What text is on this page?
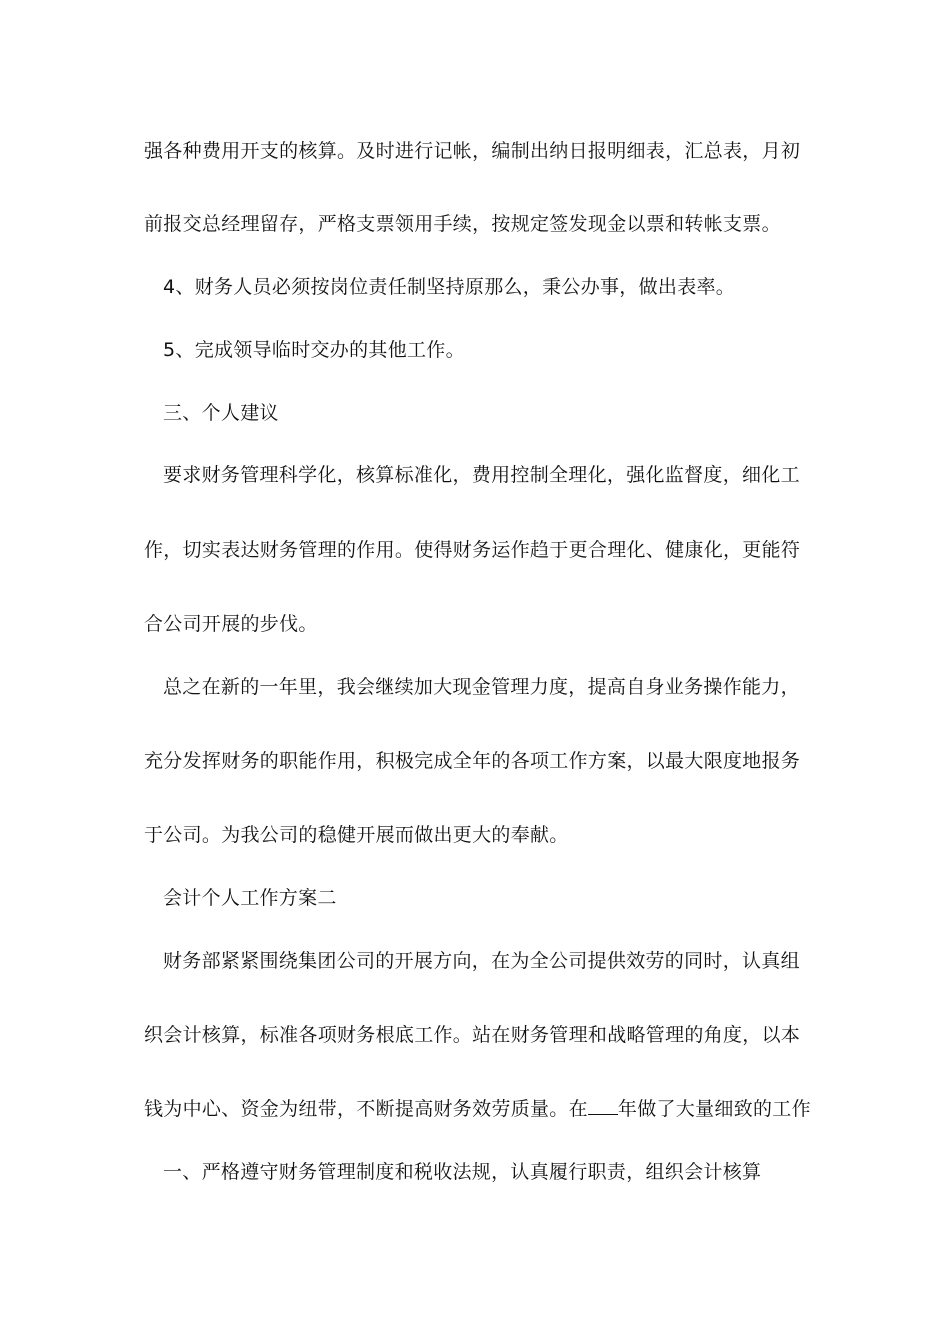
强各种费用开支的核算。及时进行记帐，编制出纳日报明细表，汇总表，月初
前报交总经理留存，严格支票领用手续，按规定签发现金以票和转帐支票。
4、财务人员必须按岗位责任制坚持原那么，秉公办事，做出表率。
5、完成领导临时交办的其他工作。
三、个人建议
要求财务管理科学化，核算标准化，费用控制全理化，强化监督度，细化工
作，切实表达财务管理的作用。使得财务运作趋于更合理化、健康化，更能符
合公司开展的步伐。
总之在新的一年里，我会继续加大现金管理力度，提高自身业务操作能力，
充分发挥财务的职能作用，积极完成全年的各项工作方案，以最大限度地报务
于公司。为我公司的稳健开展而做出更大的奉献。
会计个人工作方案二
财务部紧紧围绕集团公司的开展方向，在为全公司提供效劳的同时，认真组
织会计核算，标准各项财务根底工作。站在财务管理和战略管理的角度，以本
钱为中心、资金为纽带，不断提高财务效劳质量。在 年做了大量细致的工作
一、严格遵守财务管理制度和税收法规，认真履行职责，组织会计核算
